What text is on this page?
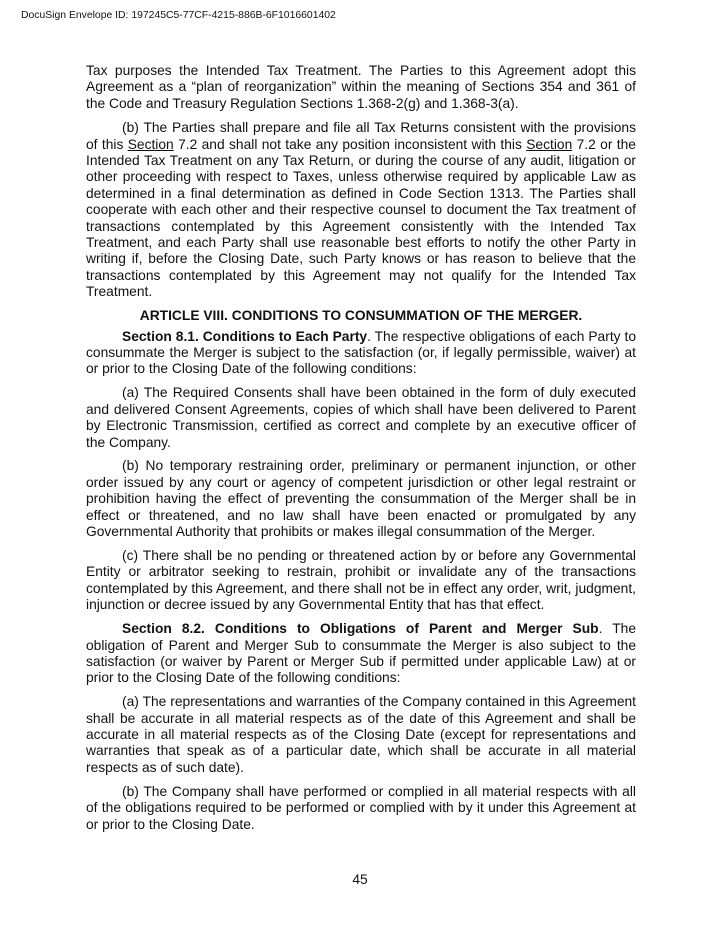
DocuSign Envelope ID: 197245C5-77CF-4215-886B-6F1016601402

Tax purposes the Intended Tax Treatment. The Parties to this Agreement adopt this Agreement as a “plan of reorganization” within the meaning of Sections 354 and 361 of the Code and Treasury Regulation Sections 1.368-2(g) and 1.368-3(a).

(b) The Parties shall prepare and file all Tax Returns consistent with the provisions of this Section 7.2 and shall not take any position inconsistent with this Section 7.2 or the Intended Tax Treatment on any Tax Return, or during the course of any audit, litigation or other proceeding with respect to Taxes, unless otherwise required by applicable Law as determined in a final determination as defined in Code Section 1313. The Parties shall cooperate with each other and their respective counsel to document the Tax treatment of transactions contemplated by this Agreement consistently with the Intended Tax Treatment, and each Party shall use reasonable best efforts to notify the other Party in writing if, before the Closing Date, such Party knows or has reason to believe that the transactions contemplated by this Agreement may not qualify for the Intended Tax Treatment.

ARTICLE VIII. CONDITIONS TO CONSUMMATION OF THE MERGER.

Section 8.1. Conditions to Each Party. The respective obligations of each Party to consummate the Merger is subject to the satisfaction (or, if legally permissible, waiver) at or prior to the Closing Date of the following conditions:

(a) The Required Consents shall have been obtained in the form of duly executed and delivered Consent Agreements, copies of which shall have been delivered to Parent by Electronic Transmission, certified as correct and complete by an executive officer of the Company.

(b) No temporary restraining order, preliminary or permanent injunction, or other order issued by any court or agency of competent jurisdiction or other legal restraint or prohibition having the effect of preventing the consummation of the Merger shall be in effect or threatened, and no law shall have been enacted or promulgated by any Governmental Authority that prohibits or makes illegal consummation of the Merger.

(c) There shall be no pending or threatened action by or before any Governmental Entity or arbitrator seeking to restrain, prohibit or invalidate any of the transactions contemplated by this Agreement, and there shall not be in effect any order, writ, judgment, injunction or decree issued by any Governmental Entity that has that effect.

Section 8.2. Conditions to Obligations of Parent and Merger Sub. The obligation of Parent and Merger Sub to consummate the Merger is also subject to the satisfaction (or waiver by Parent or Merger Sub if permitted under applicable Law) at or prior to the Closing Date of the following conditions:

(a) The representations and warranties of the Company contained in this Agreement shall be accurate in all material respects as of the date of this Agreement and shall be accurate in all material respects as of the Closing Date (except for representations and warranties that speak as of a particular date, which shall be accurate in all material respects as of such date).

(b) The Company shall have performed or complied in all material respects with all of the obligations required to be performed or complied with by it under this Agreement at or prior to the Closing Date.

45
